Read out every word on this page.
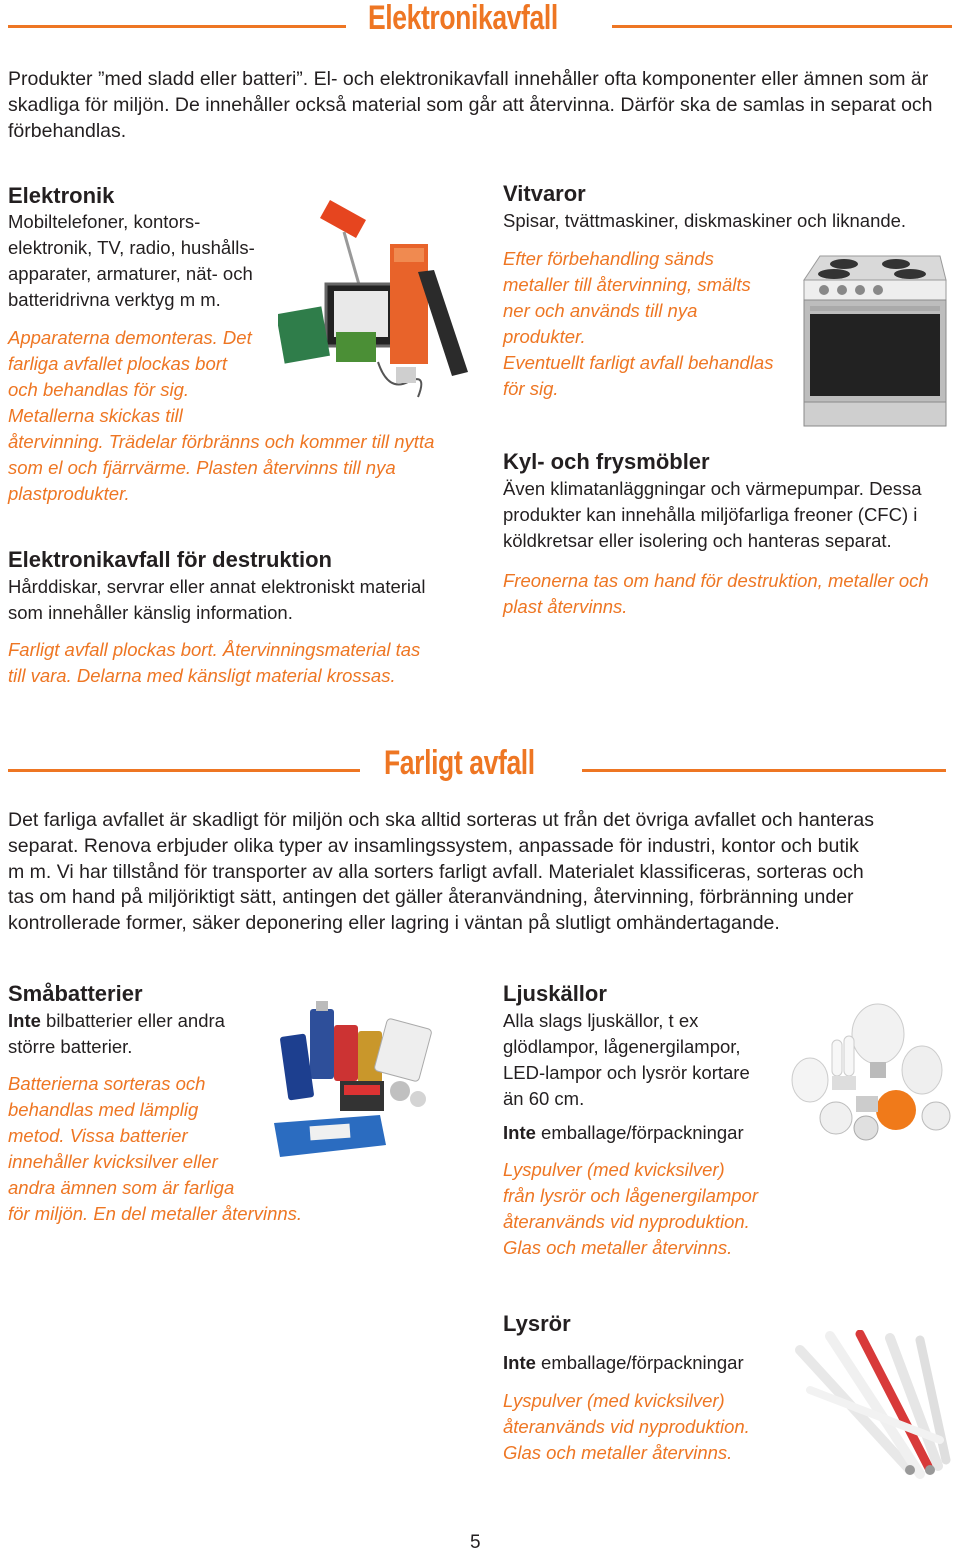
Elektronikavfall

Produkter ”med sladd eller batteri”. El- och elektronikavfall innehåller ofta komponenter eller ämnen som är skadliga för miljön. De innehåller också material som går att återvinna. Därför ska de samlas in separat och förbehandlas.

Elektronik
Mobiltelefoner, kontors-
elektronik, TV, radio, hushålls-
apparater, armaturer, nät- och
batteridrivna verktyg m m.
Apparaterna demonteras. Det
farliga avfallet plockas bort
och behandlas för sig.
Metallerna skickas till
återvinning. Trädelar förbränns och kommer till nytta
som el och fjärrvärme. Plasten återvinns till nya
plastprodukter.
Elektronikavfall för destruktion
Hårddiskar, servrar eller annat elektroniskt material
som innehåller känslig information.
Farligt avfall plockas bort. Återvinningsmaterial tas
till vara. Delarna med känsligt material krossas.
Vitvaror
Spisar, tvättmaskiner, diskmaskiner och liknande.
Efter förbehandling sänds
metaller till återvinning, smälts
ner och används till nya
produkter.
Eventuellt farligt avfall behandlas
för sig.
Kyl- och frysmöbler
Även klimatanläggningar och värmepumpar. Dessa
produkter kan innehålla miljöfarliga freoner (CFC) i
köldkretsar eller isolering och hanteras separat.
Freonerna tas om hand för destruktion, metaller och
plast återvinns.
Farligt avfall
Det farliga avfallet är skadligt för miljön och ska alltid sorteras ut från det övriga avfallet och hanteras
separat. Renova erbjuder olika typer av insamlingssystem, anpassade för industri, kontor och butik
m m. Vi har tillstånd för transporter av alla sorters farligt avfall. Materialet klassificeras, sorteras och
tas om hand på miljöriktigt sätt, antingen det gäller återanvändning, återvinning, förbränning under
kontrollerade former, säker deponering eller lagring i väntan på slutligt omhändertagande.
Småbatterier
Inte bilbatterier eller andra
större batterier.
Batterierna sorteras och
behandlas med lämplig
metod. Vissa batterier
innehåller kvicksilver eller
andra ämnen som är farliga
för miljön. En del metaller återvinns.
Ljuskällor
Alla slags ljuskällor, t ex
glödlampor, lågenergilampor,
LED-lampor och lysrör kortare
än 60 cm.
Inte emballage/förpackningar
Lyspulver (med kvicksilver)
från lysrör och lågenergilampor
återanvänds vid nyproduktion.
Glas och metaller återvinns.
Lysrör
Inte emballage/förpackningar
Lyspulver (med kvicksilver)
återanvänds vid nyproduktion.
Glas och metaller återvinns.
5
